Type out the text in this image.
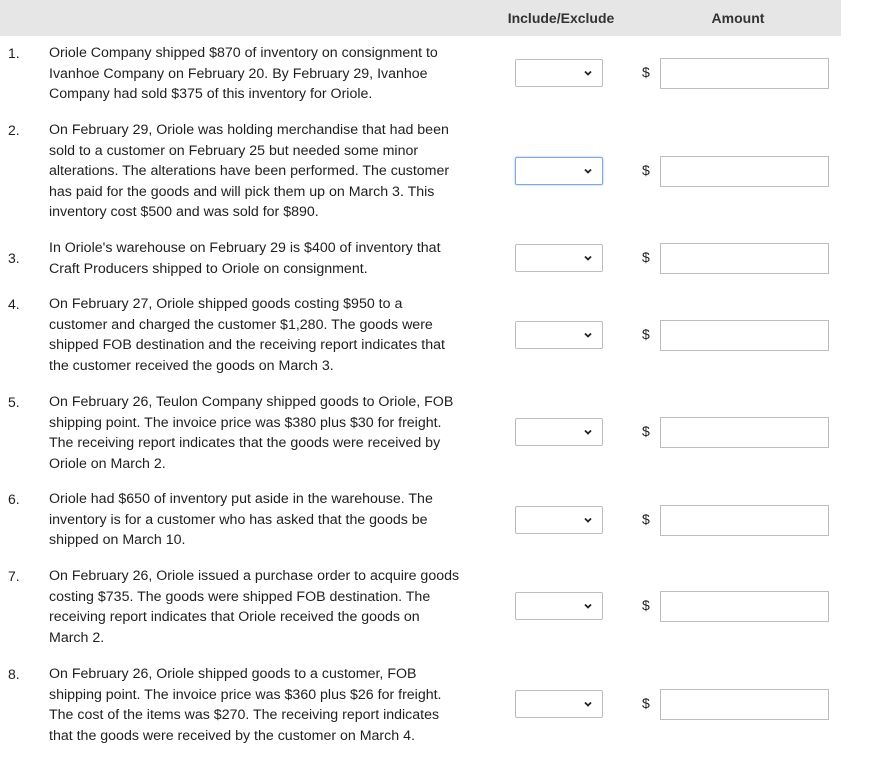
Include/Exclude	Amount
1. Oriole Company shipped $870 of inventory on consignment to
Ivanhoe Company on February 20. By February 29, Ivanhoe
Company had sold $375 of this inventory for Oriole.
$
2. On February 29, Oriole was holding merchandise that had been
sold to a customer on February 25 but needed some minor
alterations. The alterations have been performed. The customer
has paid for the goods and will pick them up on March 3. This
inventory cost $500 and was sold for $890.
$
3.
In Oriole's warehouse on February 29 is $400 of inventory that
Craft Producers shipped to Oriole on consignment.
$
4. On February 27, Oriole shipped goods costing $950 to a
customer and charged the customer $1,280. The goods were
shipped FOB destination and the receiving report indicates that
the customer received the goods on March 3.
$
5. On February 26, Teulon Company shipped goods to Oriole, FOB
shipping point. The invoice price was $380 plus $30 for freight.
The receiving report indicates that the goods were received by
Oriole on March 2.
$
6. Oriole had $650 of inventory put aside in the warehouse. The
inventory is for a customer who has asked that the goods be
shipped on March 10.
$
7. On February 26, Oriole issued a purchase order to acquire goods
costing $735. The goods were shipped FOB destination. The
receiving report indicates that Oriole received the goods on
March 2.
$
8. On February 26, Oriole shipped goods to a customer, FOB
shipping point. The invoice price was $360 plus $26 for freight.
The cost of the items was $270. The receiving report indicates
that the goods were received by the customer on March 4.
$
